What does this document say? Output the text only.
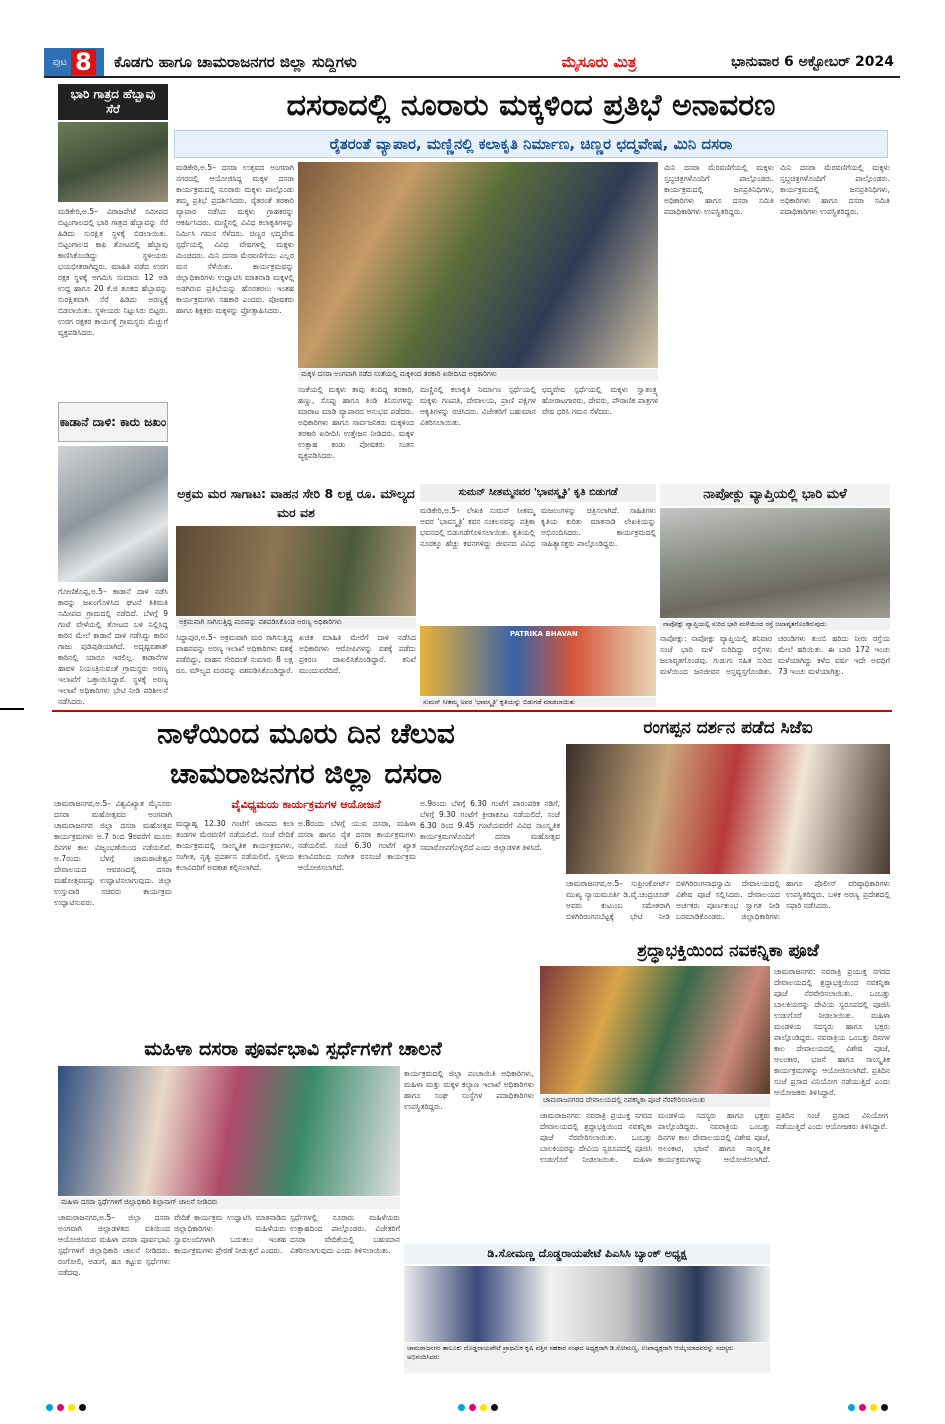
ಪುಟ 8 ಕೊಡಗು ಹಾಗೂ ಚಾಮರಾಜನಗರ ಜಿಲ್ಲಾ ಸುದ್ದಿಗಳು	ಮೈಸೂರು ಮಿತ್ರ	ಭಾನುವಾರ 6 ಅಕ್ಟೋಬರ್ 2024
ಭಾರಿ ಗಾತ್ರದ ಹೆಬ್ಬಾವು ಸೆರೆ
ಮಡಿಕೇರಿ,ಅ.5– ವಿರಾಜಪೇಟೆ ಸಮೀಪದ ಬಿಟ್ಟಂಗಾಲದಲ್ಲಿ ಭಾರಿ ಗಾತ್ರದ ಹೆಬ್ಬಾವನ್ನು ಸೆರೆ ಹಿಡಿದು ಸುರಕ್ಷಿತ ಸ್ಥಳಕ್ಕೆ ಬಿಡಲಾಯಿತು. ಬಿಟ್ಟಂಗಾಲದ ಕಾಫಿ ತೋಟದಲ್ಲಿ ಹೆಬ್ಬಾವು ಕಾಣಿಸಿಕೊಂಡಿದ್ದು ಸ್ಥಳೀಯರು ಭಯಭೀತರಾಗಿದ್ದರು. ಮಾಹಿತಿ ಪಡೆದ ಉರಗ ರಕ್ಷಕ ಸ್ಥಳಕ್ಕೆ ಆಗಮಿಸಿ ಸುಮಾರು 12 ಅಡಿ ಉದ್ದ ಹಾಗೂ 20 ಕೆ.ಜಿ ತೂಕದ ಹೆಬ್ಬಾವನ್ನು ಸುರಕ್ಷಿತವಾಗಿ ಸೆರೆ ಹಿಡಿದು ಅರಣ್ಯಕ್ಕೆ ಬಿಡಲಾಯಿತು. ಸ್ಥಳೀಯರು ನಿಟ್ಟುಸಿರು ಬಿಟ್ಟರು. ಉರಗ ರಕ್ಷಕರ ಕಾರ್ಯಕ್ಕೆ ಗ್ರಾಮಸ್ಥರು ಮೆಚ್ಚುಗೆ ವ್ಯಕ್ತಪಡಿಸಿದರು.
ಕಾಡಾನೆ ದಾಳಿ: ಕಾರು ಜಖಂ
ಗೋಣಿಕೊಪ್ಪ,ಅ.5– ಕಾಡಾನೆ ದಾಳಿ ನಡೆಸಿ ಕಾರನ್ನು ಜಖಂಗೊಳಿಸಿದ ಘಟನೆ ತಿತಿಮತಿ ಸಮೀಪದ ಗ್ರಾಮದಲ್ಲಿ ನಡೆದಿದೆ. ಬೆಳಗ್ಗೆ 9 ಗಂಟೆ ವೇಳೆಯಲ್ಲಿ ತೋಟದ ಬಳಿ ನಿಲ್ಲಿಸಿದ್ದ ಕಾರಿನ ಮೇಲೆ ಕಾಡಾನೆ ದಾಳಿ ನಡೆಸಿದ್ದು ಕಾರಿನ ಗಾಜು ಪುಡಿಪುಡಿಯಾಗಿದೆ. ಅದೃಷ್ಟವಶಾತ್ ಕಾರಿನಲ್ಲಿ ಯಾರೂ ಇರಲಿಲ್ಲ. ಕಾಡಾನೆಗಳ ಹಾವಳಿ ನಿಯಂತ್ರಿಸುವಂತೆ ಗ್ರಾಮಸ್ಥರು ಅರಣ್ಯ ಇಲಾಖೆಗೆ ಒತ್ತಾಯಿಸಿದ್ದಾರೆ. ಸ್ಥಳಕ್ಕೆ ಅರಣ್ಯ ಇಲಾಖೆ ಅಧಿಕಾರಿಗಳು ಭೇಟಿ ನೀಡಿ ಪರಿಶೀಲನೆ ನಡೆಸಿದರು.
ದಸರಾದಲ್ಲಿ ನೂರಾರು ಮಕ್ಕಳಿಂದ ಪ್ರತಿಭೆ ಅನಾವರಣ
ರೈತರಂತೆ ವ್ಯಾಪಾರ, ಮಣ್ಣಿನಲ್ಲಿ ಕಲಾಕೃತಿ ನಿರ್ಮಾಣ, ಚಿಣ್ಣರ ಛದ್ಮವೇಷ, ಮಿನಿ ದಸರಾ
ಮಡಿಕೇರಿ,ಅ.5– ದಸರಾ ಉತ್ಸವದ ಅಂಗವಾಗಿ ನಗರದಲ್ಲಿ ಆಯೋಜಿಸಿದ್ದ ಮಕ್ಕಳ ದಸರಾ ಕಾರ್ಯಕ್ರಮದಲ್ಲಿ ನೂರಾರು ಮಕ್ಕಳು ಪಾಲ್ಗೊಂಡು ತಮ್ಮ ಪ್ರತಿಭೆ ಪ್ರದರ್ಶಿಸಿದರು. ರೈತರಂತೆ ತರಕಾರಿ ವ್ಯಾಪಾರ ನಡೆಸಿದ ಮಕ್ಕಳು ಗ್ರಾಹಕರನ್ನು ಆಕರ್ಷಿಸಿದರು. ಮಣ್ಣಿನಲ್ಲಿ ವಿವಿಧ ಕಲಾಕೃತಿಗಳನ್ನು ನಿರ್ಮಿಸಿ ಗಮನ ಸೆಳೆದರು. ಚಿಣ್ಣರ ಛದ್ಮವೇಷ ಸ್ಪರ್ಧೆಯಲ್ಲಿ ವಿವಿಧ ವೇಷಗಳಲ್ಲಿ ಮಕ್ಕಳು ಮಿಂಚಿದರು. ಮಿನಿ ದಸರಾ ಮೆರವಣಿಗೆಯು ಎಲ್ಲರ ಮನ ಸೆಳೆಯಿತು. ಕಾರ್ಯಕ್ರಮವನ್ನು ಜಿಲ್ಲಾಧಿಕಾರಿಗಳು ಉದ್ಘಾಟಿಸಿ ಮಾತನಾಡಿ ಮಕ್ಕಳಲ್ಲಿ ಅಡಗಿರುವ ಪ್ರತಿಭೆಯನ್ನು ಹೊರತರಲು ಇಂತಹ ಕಾರ್ಯಕ್ರಮಗಳು ಸಹಕಾರಿ ಎಂದರು. ಪೋಷಕರು ಹಾಗೂ ಶಿಕ್ಷಕರು ಮಕ್ಕಳನ್ನು ಪ್ರೋತ್ಸಾಹಿಸಿದರು.
ಮಕ್ಕಳ ದಸರಾ ಅಂಗವಾಗಿ ನಡೆದ ಸಂತೆಯಲ್ಲಿ ಮಕ್ಕಳಿಂದ ತರಕಾರಿ ಖರೀದಿಸಿದ ಅಧಿಕಾರಿಗಳು
ಸಂತೆಯಲ್ಲಿ ಮಕ್ಕಳು ತಾವು ತಂದಿದ್ದ ತರಕಾರಿ, ಹಣ್ಣು, ಸೊಪ್ಪು ಹಾಗೂ ತಿಂಡಿ ತಿನಿಸುಗಳನ್ನು ಮಾರಾಟ ಮಾಡಿ ವ್ಯಾಪಾರದ ಅನುಭವ ಪಡೆದರು. ಅಧಿಕಾರಿಗಳು ಹಾಗೂ ಸಾರ್ವಜನಿಕರು ಮಕ್ಕಳಿಂದ ತರಕಾರಿ ಖರೀದಿಸಿ ಉತ್ತೇಜನ ನೀಡಿದರು. ಮಕ್ಕಳ ಉತ್ಸಾಹ ಕಂಡು ಪೋಷಕರು ಸಂತಸ ವ್ಯಕ್ತಪಡಿಸಿದರು.
ಮಣ್ಣಿನಲ್ಲಿ ಕಲಾಕೃತಿ ನಿರ್ಮಾಣ ಸ್ಪರ್ಧೆಯಲ್ಲಿ ಮಕ್ಕಳು ಗಣಪತಿ, ದೇವಾಲಯ, ಪ್ರಾಣಿ ಪಕ್ಷಿಗಳ ಆಕೃತಿಗಳನ್ನು ರಚಿಸಿದರು. ವಿಜೇತರಿಗೆ ಬಹುಮಾನ ವಿತರಿಸಲಾಯಿತು.
ಛದ್ಮವೇಷ ಸ್ಪರ್ಧೆಯಲ್ಲಿ ಮಕ್ಕಳು ಸ್ವಾತಂತ್ರ್ಯ ಹೋರಾಟಗಾರರು, ದೇವರು, ಪೌರಾಣಿಕ ಪಾತ್ರಗಳ ವೇಷ ಧರಿಸಿ ಗಮನ ಸೆಳೆದರು.
ಮಿನಿ ದಸರಾ ಮೆರವಣಿಗೆಯಲ್ಲಿ ಮಕ್ಕಳು ಸ್ತಬ್ಧಚಿತ್ರಗಳೊಂದಿಗೆ ಪಾಲ್ಗೊಂಡರು. ಕಾರ್ಯಕ್ರಮದಲ್ಲಿ ಜನಪ್ರತಿನಿಧಿಗಳು, ಅಧಿಕಾರಿಗಳು ಹಾಗೂ ದಸರಾ ಸಮಿತಿ ಪದಾಧಿಕಾರಿಗಳು ಉಪಸ್ಥಿತರಿದ್ದರು.
ಮಿನಿ ದಸರಾ ಮೆರವಣಿಗೆಯಲ್ಲಿ ಮಕ್ಕಳು ಸ್ತಬ್ಧಚಿತ್ರಗಳೊಂದಿಗೆ ಪಾಲ್ಗೊಂಡರು. ಕಾರ್ಯಕ್ರಮದಲ್ಲಿ ಜನಪ್ರತಿನಿಧಿಗಳು, ಅಧಿಕಾರಿಗಳು ಹಾಗೂ ದಸರಾ ಸಮಿತಿ ಪದಾಧಿಕಾರಿಗಳು ಉಪಸ್ಥಿತರಿದ್ದರು.
ಅಕ್ರಮ ಮರ ಸಾಗಾಟ: ವಾಹನ ಸೇರಿ 8 ಲಕ್ಷ ರೂ. ಮೌಲ್ಯದ ಮರ ವಶ
ಅಕ್ರಮವಾಗಿ ಸಾಗಿಸುತ್ತಿದ್ದ ಮರವನ್ನು ವಶಪಡಿಸಿಕೊಂಡ ಅರಣ್ಯ ಅಧಿಕಾರಿಗಳು
ಸಿದ್ದಾಪುರ,ಅ.5– ಅಕ್ರಮವಾಗಿ ಮರ ಸಾಗಿಸುತ್ತಿದ್ದ ವಾಹನವನ್ನು ಅರಣ್ಯ ಇಲಾಖೆ ಅಧಿಕಾರಿಗಳು ವಶಕ್ಕೆ ಪಡೆದಿದ್ದು, ವಾಹನ ಸೇರಿದಂತೆ ಸುಮಾರು 8 ಲಕ್ಷ ರೂ. ಮೌಲ್ಯದ ಮರವನ್ನು ವಶಪಡಿಸಿಕೊಂಡಿದ್ದಾರೆ. ಖಚಿತ ಮಾಹಿತಿ ಮೇರೆಗೆ ದಾಳಿ ನಡೆಸಿದ ಅಧಿಕಾರಿಗಳು ಆರೋಪಿಗಳನ್ನು ವಶಕ್ಕೆ ಪಡೆದು ಪ್ರಕರಣ ದಾಖಲಿಸಿಕೊಂಡಿದ್ದಾರೆ. ತನಿಖೆ ಮುಂದುವರೆದಿದೆ.
ಸುಮನ್ ಸೀತಮ್ಮನವರ 'ಭಾವಸ್ಮೃತಿ' ಕೃತಿ ಬಿಡುಗಡೆ
ಮಡಿಕೇರಿ,ಅ.5– ಲೇಖಕಿ ಸುಮನ್ ಸೀತಮ್ಮ ಅವರ 'ಭಾವಸ್ಮೃತಿ' ಕವನ ಸಂಕಲನವನ್ನು ಪತ್ರಿಕಾ ಭವನದಲ್ಲಿ ಬಿಡುಗಡೆಗೊಳಿಸಲಾಯಿತು. ಕೃತಿಯಲ್ಲಿ ನೂರಕ್ಕೂ ಹೆಚ್ಚು ಕವನಗಳಿದ್ದು ಜೀವನದ ವಿವಿಧ ಮಜಲುಗಳನ್ನು ಚಿತ್ರಿಸಲಾಗಿದೆ. ಸಾಹಿತಿಗಳು ಕೃತಿಯ ಕುರಿತು ಮಾತನಾಡಿ ಲೇಖಕಿಯನ್ನು ಅಭಿನಂದಿಸಿದರು. ಕಾರ್ಯಕ್ರಮದಲ್ಲಿ ಸಾಹಿತ್ಯಾಸಕ್ತರು ಪಾಲ್ಗೊಂಡಿದ್ದರು.
PATRIKA BHAVAN
ಸುಮನ್ ಸೀತಮ್ಮ ಅವರ 'ಭಾವಸ್ಮೃತಿ' ಕೃತಿಯನ್ನು ಬಿಡುಗಡೆ ಮಾಡಲಾಯಿತು
ನಾಪೋಕ್ಲು ವ್ಯಾಪ್ತಿಯಲ್ಲಿ ಭಾರಿ ಮಳೆ
ನಾಪೋಕ್ಲು ವ್ಯಾಪ್ತಿಯಲ್ಲಿ ಸುರಿದ ಭಾರಿ ಮಳೆಯಿಂದ ರಸ್ತೆ ಜಲಾವೃತಗೊಂಡಿರುವುದು
ನಾಪೋಕ್ಲು: ನಾಪೋಕ್ಲು ವ್ಯಾಪ್ತಿಯಲ್ಲಿ ಶನಿವಾರ ಸಂಜೆ ಭಾರಿ ಮಳೆ ಸುರಿದಿದ್ದು ರಸ್ತೆಗಳು ಜಲಾವೃತಗೊಂಡವು. ಗುಡುಗು ಸಹಿತ ಸುರಿದ ಮಳೆಯಿಂದ ಜನಜೀವನ ಅಸ್ತವ್ಯಸ್ತಗೊಂಡಿತು. ಚರಂಡಿಗಳು ತುಂಬಿ ಹರಿದು ನೀರು ರಸ್ತೆಯ ಮೇಲೆ ಹರಿಯಿತು. ಈ ಬಾರಿ 172 ಇಂಚು ಮಳೆಯಾಗಿದ್ದು ಕಳೆದ ವರ್ಷ ಇದೇ ಅವಧಿಗೆ 73 ಇಂಚು ಮಳೆಯಾಗಿತ್ತು.
ನಾಳೆಯಿಂದ ಮೂರು ದಿನ ಚೆಲುವ
ಚಾಮರಾಜನಗರ ಜಿಲ್ಲಾ ದಸರಾ
ವೈವಿಧ್ಯಮಯ ಕಾರ್ಯಕ್ರಮಗಳ ಆಯೋಜನೆ
ಚಾಮರಾಜನಗರ,ಅ.5– ವಿಶ್ವವಿಖ್ಯಾತ ಮೈಸೂರು ದಸರಾ ಮಹೋತ್ಸವದ ಅಂಗವಾಗಿ ಚಾಮರಾಜನಗರ ಜಿಲ್ಲಾ ದಸರಾ ಮಹೋತ್ಸವ ಕಾರ್ಯಕ್ರಮಗಳು ಅ.7 ರಿಂದ 9ರವರೆಗೆ ಮೂರು ದಿನಗಳ ಕಾಲ ವಿಜೃಂಭಣೆಯಿಂದ ನಡೆಯಲಿವೆ. ಅ.7ರಂದು ಬೆಳಗ್ಗೆ ಚಾಮರಾಜೇಶ್ವರ ದೇವಾಲಯದ ಆವರಣದಲ್ಲಿ ದಸರಾ ಮಹೋತ್ಸವವನ್ನು ಉದ್ಘಾಟಿಸಲಾಗುವುದು. ಜಿಲ್ಲಾ ಉಸ್ತುವಾರಿ ಸಚಿವರು ಕಾರ್ಯಕ್ರಮ ಉದ್ಘಾಟಿಸುವರು.
ಮಧ್ಯಾಹ್ನ 12.30 ಗಂಟೆಗೆ ಜಾನಪದ ಕಲಾ ತಂಡಗಳ ಮೆರವಣಿಗೆ ನಡೆಯಲಿದೆ. ಸಂಜೆ ವೇದಿಕೆ ಕಾರ್ಯಕ್ರಮದಲ್ಲಿ ಸಾಂಸ್ಕೃತಿಕ ಕಾರ್ಯಕ್ರಮಗಳು, ಸಂಗೀತ, ನೃತ್ಯ ಪ್ರದರ್ಶನ ನಡೆಯಲಿವೆ. ಸ್ಥಳೀಯ ಕಲಾವಿದರಿಗೆ ಅವಕಾಶ ಕಲ್ಪಿಸಲಾಗಿದೆ.
ಅ.8ರಂದು ಬೆಳಗ್ಗೆ ಯುವ ದಸರಾ, ಮಹಿಳಾ ದಸರಾ ಹಾಗೂ ರೈತ ದಸರಾ ಕಾರ್ಯಕ್ರಮಗಳು ನಡೆಯಲಿವೆ. ಸಂಜೆ 6.30 ಗಂಟೆಗೆ ಖ್ಯಾತ ಕಲಾವಿದರಿಂದ ಸಂಗೀತ ರಸಸಂಜೆ ಕಾರ್ಯಕ್ರಮ ಆಯೋಜಿಸಲಾಗಿದೆ.
ಅ.9ರಂದು ಬೆಳಗ್ಗೆ 6.30 ಗಂಟೆಗೆ ಪಾರಂಪರಿಕ ನಡಿಗೆ, ಬೆಳಗ್ಗೆ 9.30 ಗಂಟೆಗೆ ಕ್ರೀಡಾಕೂಟ ನಡೆಯಲಿದೆ. ಸಂಜೆ 6.30 ರಿಂದ 9.45 ಗಂಟೆಯವರೆಗೆ ವಿವಿಧ ಸಾಂಸ್ಕೃತಿಕ ಕಾರ್ಯಕ್ರಮಗಳೊಂದಿಗೆ ದಸರಾ ಮಹೋತ್ಸವ ಸಮಾರೋಪಗೊಳ್ಳಲಿದೆ ಎಂದು ಜಿಲ್ಲಾಡಳಿತ ತಿಳಿಸಿದೆ.
ರಂಗಪ್ಪನ ದರ್ಶನ ಪಡೆದ ಸಿಜೆಐ
ಚಾಮರಾಜನಗರ,ಅ.5– ಸುಪ್ರೀಂಕೋರ್ಟ್ ಮುಖ್ಯ ನ್ಯಾಯಮೂರ್ತಿ ಡಿ.ವೈ.ಚಂದ್ರಚೂಡ್ ಅವರು ಕುಟುಂಬ ಸಮೇತರಾಗಿ ಬಿಳಿಗಿರಿರಂಗನಬೆಟ್ಟಕ್ಕೆ ಭೇಟಿ ನೀಡಿ ಬಿಳಿಗಿರಿರಂಗನಾಥಸ್ವಾಮಿ ದೇವಾಲಯದಲ್ಲಿ ವಿಶೇಷ ಪೂಜೆ ಸಲ್ಲಿಸಿದರು. ದೇವಾಲಯದ ಅರ್ಚಕರು ಪೂರ್ಣಕುಂಭ ಸ್ವಾಗತ ನೀಡಿ ಬರಮಾಡಿಕೊಂಡರು. ಜಿಲ್ಲಾಧಿಕಾರಿಗಳು ಹಾಗೂ ಪೊಲೀಸ್ ವರಿಷ್ಠಾಧಿಕಾರಿಗಳು ಉಪಸ್ಥಿತರಿದ್ದರು. ಬಳಿಕ ಅರಣ್ಯ ಪ್ರದೇಶದಲ್ಲಿ ಸಫಾರಿ ನಡೆಸಿದರು.
ಶ್ರದ್ಧಾಭಕ್ತಿಯಿಂದ ನವಕನ್ನಿಕಾ ಪೂಜೆ
ಚಾಮರಾಜನಗರದ ದೇವಾಲಯದಲ್ಲಿ ನವಕನ್ನಿಕಾ ಪೂಜೆ ನೆರವೇರಿಸಲಾಯಿತು
ಚಾಮರಾಜನಗರ: ನವರಾತ್ರಿ ಪ್ರಯುಕ್ತ ನಗರದ ದೇವಾಲಯದಲ್ಲಿ ಶ್ರದ್ಧಾಭಕ್ತಿಯಿಂದ ನವಕನ್ನಿಕಾ ಪೂಜೆ ನೆರವೇರಿಸಲಾಯಿತು. ಒಂಬತ್ತು ಬಾಲಕಿಯರನ್ನು ದೇವಿಯ ಸ್ವರೂಪದಲ್ಲಿ ಪೂಜಿಸಿ ಉಡುಗೊರೆ ನೀಡಲಾಯಿತು. ಮಹಿಳಾ ಮಂಡಳಿಯ ಸದಸ್ಯರು ಹಾಗೂ ಭಕ್ತರು ಪಾಲ್ಗೊಂಡಿದ್ದರು. ನವರಾತ್ರಿಯ ಒಂಬತ್ತು ದಿನಗಳ ಕಾಲ ದೇವಾಲಯದಲ್ಲಿ ವಿಶೇಷ ಪೂಜೆ, ಅಲಂಕಾರ, ಭಜನೆ ಹಾಗೂ ಸಾಂಸ್ಕೃತಿಕ ಕಾರ್ಯಕ್ರಮಗಳನ್ನು ಆಯೋಜಿಸಲಾಗಿದೆ. ಪ್ರತಿದಿನ ಸಂಜೆ ಪ್ರಸಾದ ವಿನಿಯೋಗ ನಡೆಯುತ್ತಿದೆ ಎಂದು ಆಯೋಜಕರು ತಿಳಿಸಿದ್ದಾರೆ.
ಚಾಮರಾಜನಗರ: ನವರಾತ್ರಿ ಪ್ರಯುಕ್ತ ನಗರದ ದೇವಾಲಯದಲ್ಲಿ ಶ್ರದ್ಧಾಭಕ್ತಿಯಿಂದ ನವಕನ್ನಿಕಾ ಪೂಜೆ ನೆರವೇರಿಸಲಾಯಿತು. ಒಂಬತ್ತು ಬಾಲಕಿಯರನ್ನು ದೇವಿಯ ಸ್ವರೂಪದಲ್ಲಿ ಪೂಜಿಸಿ ಉಡುಗೊರೆ ನೀಡಲಾಯಿತು. ಮಹಿಳಾ ಮಂಡಳಿಯ ಸದಸ್ಯರು ಹಾಗೂ ಭಕ್ತರು ಪಾಲ್ಗೊಂಡಿದ್ದರು. ನವರಾತ್ರಿಯ ಒಂಬತ್ತು ದಿನಗಳ ಕಾಲ ದೇವಾಲಯದಲ್ಲಿ ವಿಶೇಷ ಪೂಜೆ, ಅಲಂಕಾರ, ಭಜನೆ ಹಾಗೂ ಸಾಂಸ್ಕೃತಿಕ ಕಾರ್ಯಕ್ರಮಗಳನ್ನು ಆಯೋಜಿಸಲಾಗಿದೆ. ಪ್ರತಿದಿನ ಸಂಜೆ ಪ್ರಸಾದ ವಿನಿಯೋಗ ನಡೆಯುತ್ತಿದೆ ಎಂದು ಆಯೋಜಕರು ತಿಳಿಸಿದ್ದಾರೆ.
ಮಹಿಳಾ ದಸರಾ ಪೂರ್ವಭಾವಿ ಸ್ಪರ್ಧೆಗಳಿಗೆ ಚಾಲನೆ
ಮಹಿಳಾ ದಸರಾ ಸ್ಪರ್ಧೆಗಳಿಗೆ ಜಿಲ್ಲಾಧಿಕಾರಿ ಶಿಲ್ಪಾನಾಗ್ ಚಾಲನೆ ನೀಡಿದರು
ಚಾಮರಾಜನಗರ,ಅ.5– ಜಿಲ್ಲಾ ದಸರಾ ಅಂಗವಾಗಿ ಜಿಲ್ಲಾಡಳಿತದ ವತಿಯಿಂದ ಆಯೋಜಿಸಿರುವ ಮಹಿಳಾ ದಸರಾ ಪೂರ್ವಭಾವಿ ಸ್ಪರ್ಧೆಗಳಿಗೆ ಜಿಲ್ಲಾಧಿಕಾರಿ ಚಾಲನೆ ನೀಡಿದರು. ರಂಗೋಲಿ, ಅಡುಗೆ, ಹೂ ಕಟ್ಟುವ ಸ್ಪರ್ಧೆಗಳು ನಡೆದವು.
ವೇದಿಕೆ ಕಾರ್ಯಕ್ರಮ ಉದ್ಘಾಟಿಸಿ ಮಾತನಾಡಿದ ಜಿಲ್ಲಾಧಿಕಾರಿಗಳು ಮಹಿಳೆಯರು ಸ್ವಾವಲಂಬಿಗಳಾಗಿ ಬದುಕಲು ಇಂತಹ ಕಾರ್ಯಕ್ರಮಗಳು ಪ್ರೇರಣೆ ನೀಡುತ್ತವೆ ಎಂದರು.
ಸ್ಪರ್ಧೆಗಳಲ್ಲಿ ನೂರಾರು ಮಹಿಳೆಯರು ಉತ್ಸಾಹದಿಂದ ಪಾಲ್ಗೊಂಡರು. ವಿಜೇತರಿಗೆ ದಸರಾ ವೇದಿಕೆಯಲ್ಲಿ ಬಹುಮಾನ ವಿತರಿಸಲಾಗುವುದು ಎಂದು ತಿಳಿಸಲಾಯಿತು.
ಕಾರ್ಯಕ್ರಮದಲ್ಲಿ ಜಿಲ್ಲಾ ಪಂಚಾಯಿತಿ ಅಧಿಕಾರಿಗಳು, ಮಹಿಳಾ ಮತ್ತು ಮಕ್ಕಳ ಕಲ್ಯಾಣ ಇಲಾಖೆ ಅಧಿಕಾರಿಗಳು ಹಾಗೂ ಸಂಘ ಸಂಸ್ಥೆಗಳ ಪದಾಧಿಕಾರಿಗಳು ಉಪಸ್ಥಿತರಿದ್ದರು.
ಡಿ.ಸೋಮಣ್ಣ ದೊಡ್ಡರಾಯಪೇಟೆ ಪಿಎಸಿಸಿ ಬ್ಯಾಂಕ್ ಅಧ್ಯಕ್ಷ
ಚಾಮರಾಜನಗರ ತಾಲೂಕು ದೊಡ್ಡರಾಯಪೇಟೆ ಪ್ರಾಥಮಿಕ ಕೃಷಿ ಪತ್ತಿನ ಸಹಕಾರ ಸಂಘದ ಅಧ್ಯಕ್ಷರಾಗಿ ಡಿ.ಸೋಮಣ್ಣ, ಉಪಾಧ್ಯಕ್ಷರಾಗಿ ಆಯ್ಕೆಯಾದವರನ್ನು ಸದಸ್ಯರು ಅಭಿನಂದಿಸಿದರು
